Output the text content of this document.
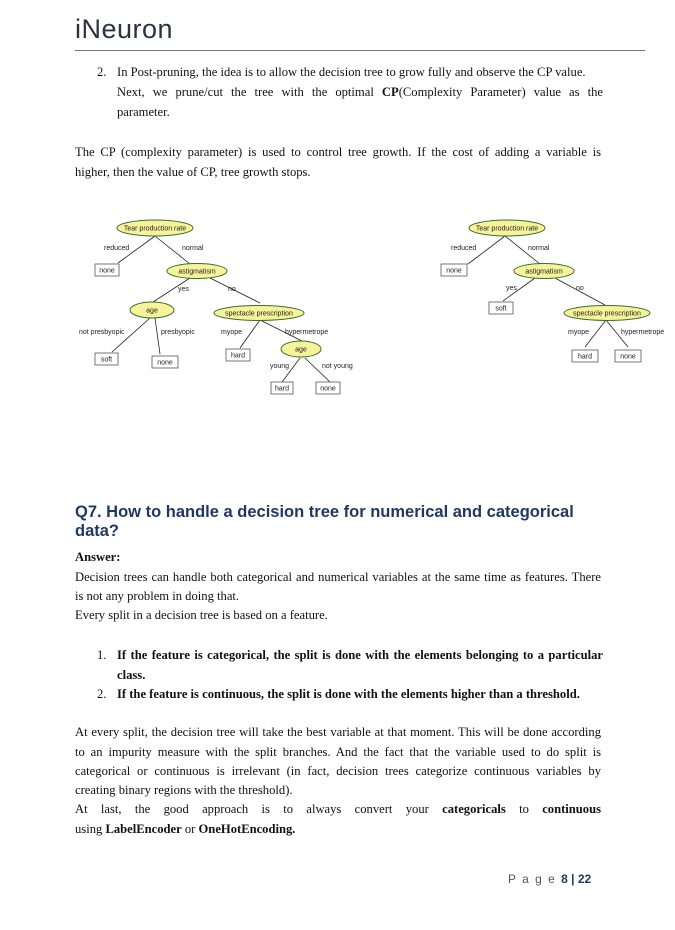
iNeuron
2. In Post-pruning, the idea is to allow the decision tree to grow fully and observe the CP value.

Next, we prune/cut the tree with the optimal CP(Complexity Parameter) value as the

parameter.

The CP (complexity parameter) is used to control tree growth. If the cost of adding a variable is

higher, then the value of CP, tree growth stops.

Tear production rate
reduced	normal
none	astigmatism
yes	no
age	spectacle prescription
not presbyopic	presbyopic	myope	hypermetrope
soft	none
hard
age
young	not young
hard	none
Tear production rate
reduced	normal
none	astigmatism
yes	no
soft
spectacle prescription
myope	hypermetrope
hard	none
Q7. How to handle a decision tree for numerical and categorical
data?

Answer:

Decision trees can handle both categorical and numerical variables at the same time as features. There

is not any problem in doing that.

Every split in a decision tree is based on a feature.

1. If the feature is categorical, the split is done with the elements belonging to a particular

class.

2. If the feature is continuous, the split is done with the elements higher than a threshold.

At every split, the decision tree will take the best variable at that moment. This will be done according

to an impurity measure with the split branches. And the fact that the variable used to do split is

categorical or continuous is irrelevant (in fact, decision trees categorize continuous variables by

creating binary regions with the threshold).

At last, the good approach is to always convert your categoricals to continuous

using LabelEncoder or OneHotEncoding.

P a g e 8 | 22
